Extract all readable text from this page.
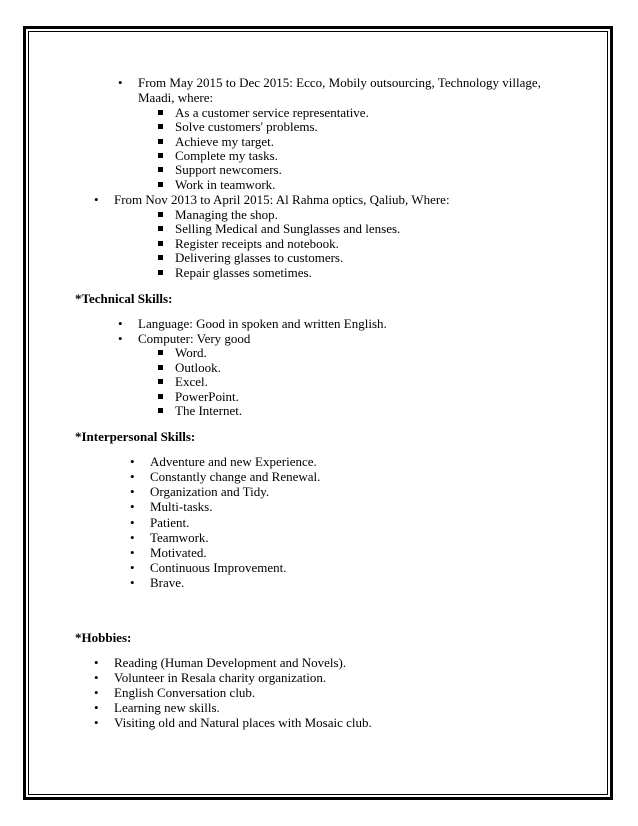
• From May 2015 to Dec 2015: Ecco, Mobily outsourcing, Technology village,
Maadi, where:
As a customer service representative.
Solve customers' problems.
Achieve my target.
Complete my tasks.
Support newcomers.
Work in teamwork.
• From Nov 2013 to April 2015: Al Rahma optics, Qaliub, Where:
Managing the shop.
Selling Medical and Sunglasses and lenses.
Register receipts and notebook.
Delivering glasses to customers.
Repair glasses sometimes.
*Technical Skills:
• Language: Good in spoken and written English.
• Computer: Very good
Word.
Outlook.
Excel.
PowerPoint.
The Internet.
*Interpersonal Skills:
• Adventure and new Experience.
• Constantly change and Renewal.
• Organization and Tidy.
• Multi-tasks.
• Patient.
• Teamwork.
• Motivated.
• Continuous Improvement.
• Brave.
*Hobbies:
• Reading (Human Development and Novels).
• Volunteer in Resala charity organization.
• English Conversation club.
• Learning new skills.
• Visiting old and Natural places with Mosaic club.
